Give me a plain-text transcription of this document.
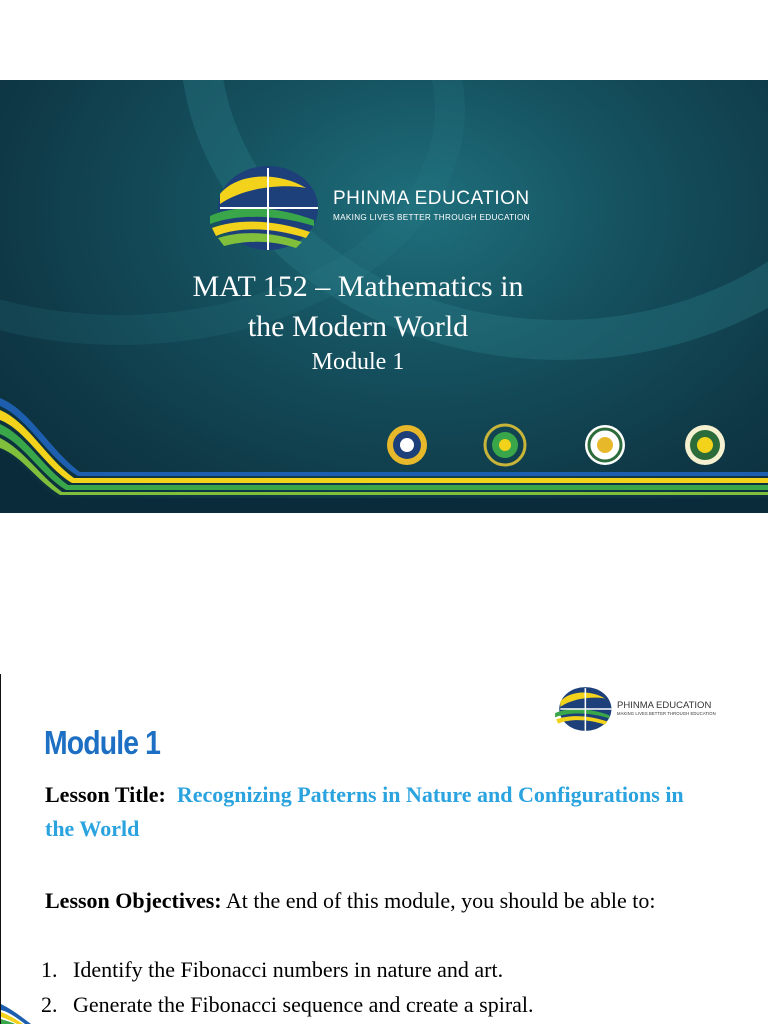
PHINMA EDUCATION
MAKING LIVES BETTER THROUGH EDUCATION
MAT 152 – Mathematics in
the Modern World
Module 1
PHINMA EDUCATION
MAKING LIVES BETTER THROUGH EDUCATION
Module 1
Lesson Title: Recognizing Patterns in Nature and Configurations in the World
Lesson Objectives: At the end of this module, you should be able to:
1. Identify the Fibonacci numbers in nature and art.
2. Generate the Fibonacci sequence and create a spiral.
